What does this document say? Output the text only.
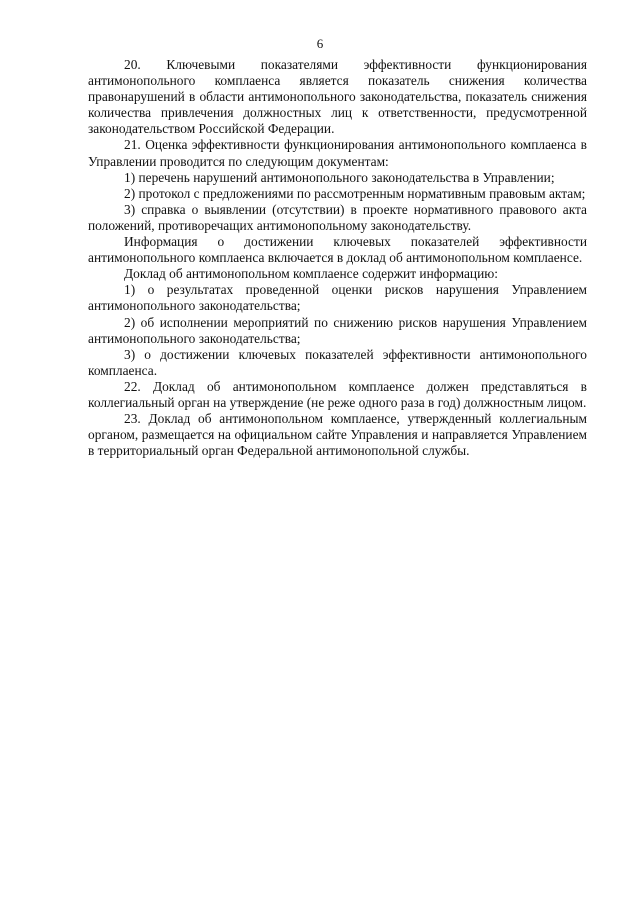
6

20. Ключевыми показателями эффективности функционирования антимонопольного комплаенса является показатель снижения количества правонарушений в области антимонопольного законодательства, показатель снижения количества привлечения должностных лиц к ответственности, предусмотренной законодательством Российской Федерации.

21. Оценка эффективности функционирования антимонопольного комплаенса в Управлении проводится по следующим документам:

1) перечень нарушений антимонопольного законодательства в Управлении;

2) протокол с предложениями по рассмотренным нормативным правовым актам;

3) справка о выявлении (отсутствии) в проекте нормативного правового акта положений, противоречащих антимонопольному законодательству.

Информация о достижении ключевых показателей эффективности антимонопольного комплаенса включается в доклад об антимонопольном комплаенсе.

Доклад об антимонопольном комплаенсе содержит информацию:

1) о результатах проведенной оценки рисков нарушения Управлением антимонопольного законодательства;

2) об исполнении мероприятий по снижению рисков нарушения Управлением антимонопольного законодательства;

3) о достижении ключевых показателей эффективности антимонопольного комплаенса.

22. Доклад об антимонопольном комплаенсе должен представляться в коллегиальный орган на утверждение (не реже одного раза в год) должностным лицом.

23. Доклад об антимонопольном комплаенсе, утвержденный коллегиальным органом, размещается на официальном сайте Управления и направляется Управлением в территориальный орган Федеральной антимонопольной службы.
